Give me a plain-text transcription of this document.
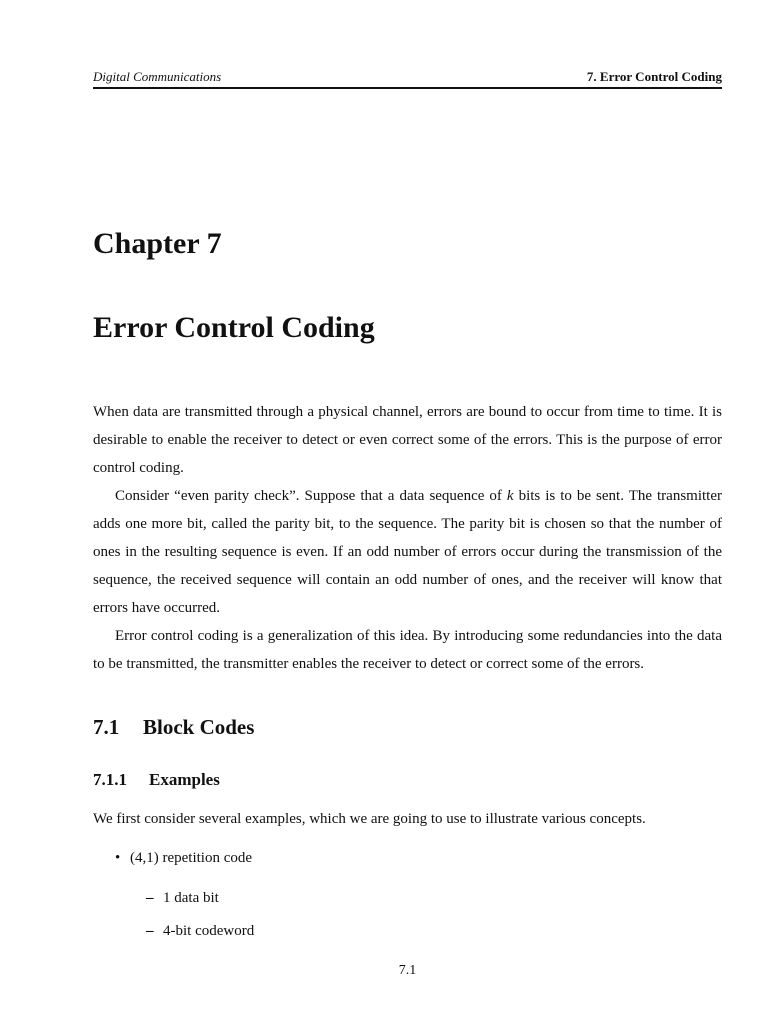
Digital Communications	7. Error Control Coding
Chapter 7
Error Control Coding

When data are transmitted through a physical channel, errors are bound to occur from time to time. It is desirable to enable the receiver to detect or even correct some of the errors. This is the purpose of error control coding.

Consider “even parity check”. Suppose that a data sequence of k bits is to be sent. The transmitter adds one more bit, called the parity bit, to the sequence. The parity bit is chosen so that the number of ones in the resulting sequence is even. If an odd number of errors occur during the transmission of the sequence, the received sequence will contain an odd number of ones, and the receiver will know that errors have occurred.

Error control coding is a generalization of this idea. By introducing some redundancies into the data to be transmitted, the transmitter enables the receiver to detect or correct some of the errors.

7.1 Block Codes
7.1.1 Examples

We first consider several examples, which we are going to use to illustrate various concepts.

• (4,1) repetition code
– 1 data bit
– 4-bit codeword
7.1
